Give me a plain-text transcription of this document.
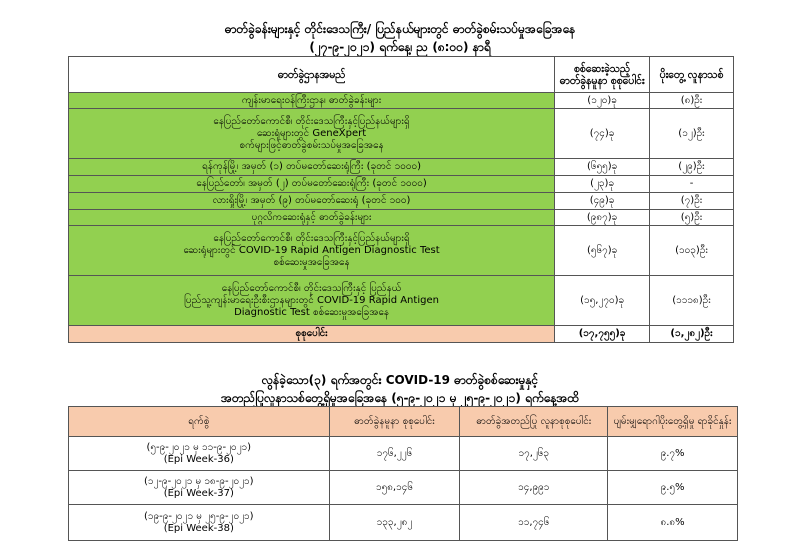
ဓာတ်ခွဲခန်းများနှင့် တိုင်းဒေသကြီး/ ပြည်နယ်များတွင် ဓာတ်ခွဲစမ်းသပ်မှုအခြေအနေ
(၂၇-၉-၂၀၂၁) ရက်နေ့၊ ည (၈:၀၀) နာရီ
ဓာတ်ခွဲဌာနအမည်	စစ်ဆေးခဲ့သည့် ဓာတ်ခွဲနမူနာ စုစုပေါင်း	ပိုးတွေ့ လူနာသစ်
ကျန်းမာရေးဝန်ကြီးဌာန၊ ဓာတ်ခွဲခန်းများ	(၁၂၀)ခု	(၈)ဦး

နေပြည်တော်ကောင်စီ၊ တိုင်းဒေသကြီးနှင့်ပြည်နယ်များရှိ
ဆေးရုံများတွင် GeneXpert
စက်များဖြင့်ဓာတ်ခွဲစမ်းသပ်မှုအခြေအနေ	(၇၄)ခု	(၁၂)ဦး
ရန်ကုန်မြို့၊ အမှတ် (၁) တပ်မတော်ဆေးရုံကြီး (ခုတင် ၁၀၀၀)	(၆၅၅)ခု	(၂၉)ဦး
နေပြည်တော်၊ အမှတ် (၂) တပ်မတော်ဆေးရုံကြီး (ခုတင် ၁၀၀၀)	(၂၃)ခု	-
လားရှိုးမြို့၊ အမှတ် (၉) တပ်မတော်ဆေးရုံ (ခုတင် ၁၀၀)	(၄၉)ခု	(၇)ဦး
ပုဂ္ဂလိကဆေးရုံနှင့် ဓာတ်ခွဲခန်းများ	(၉၈၇)ခု	(၅)ဦး

နေပြည်တော်ကောင်စီ၊ တိုင်းဒေသကြီးနှင့်ပြည်နယ်များရှိ
ဆေးရုံများတွင် COVID-19 Rapid Antigen Diagnostic Test
စစ်ဆေးမှုအခြေအနေ	(၅၆၇)ခု	(၁၀၃)ဦး

နေပြည်တော်ကောင်စီ၊ တိုင်းဒေသကြီးနှင့် ပြည်နယ်
ပြည်သူ့ကျန်းမာရေးဦးစီးဌာနများတွင် COVID-19 Rapid Antigen
Diagnostic Test စစ်ဆေးမှုအခြေအနေ	(၁၅,၂၇၀)ခု	(၁၁၁၈)ဦး
စုစုပေါင်း	(၁၇,၇၅၅)ခု	(၁,၂၈၂)ဦး
လွန်ခဲ့သော(၃) ရက်အတွင်း COVID-19 ဓာတ်ခွဲစစ်ဆေးမှုနှင့်
အတည်ပြုလူနာသစ်တွေ့ရှိမှုအခြေအနေ (၅-၉-၂၀၂၁ မှ ၂၅-၉-၂၀၂၁) ရက်နေ့အထိ
ရက်စွဲ	ဓာတ်ခွဲနမူနာ စုစုပေါင်း	ဓာတ်ခွဲအတည်ပြု လူနာစုစုပေါင်း	ပျမ်းမျှရောဂါပိုးတွေ့ရှိမှု ရာခိုင်နှုန်း

(၅-၉-၂၀၂၁ မှ ၁၁-၉-၂၀၂၁)
(Epi Week-36)	၁၇၆,၂၂၆	၁၇,၂၆၃	၉.၇%

(၁၂-၉-၂၀၂၁ မှ ၁၈-၉-၂၀၂၁)
(Epi Week-37)	၁၅၈,၁၄၆	၁၄,၉၉၁	၉.၅%

(၁၉-၉-၂၀၂၁ မှ ၂၅-၉-၂၀၂၁)
(Epi Week-38)	၁၃၃,၂၈၂	၁၁,၇၄၆	၈.၈%
